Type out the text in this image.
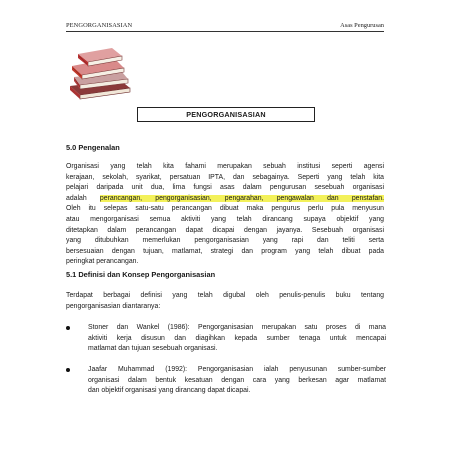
PENGORGANISASIAN	Asas Pengurusan
PENGORGANISASIAN
5.0 Pengenalan
Organisasi yang telah kita fahami merupakan sebuah institusi seperti agensi
kerajaan, sekolah, syarikat, persatuan IPTA, dan sebagainya. Seperti yang telah kita
pelajari daripada unit dua, lima fungsi asas dalam pengurusan sesebuah organisasi
adalah perancangan, pengorganisasian, pengarahan, pengawalan dan penstafan.
Oleh itu selepas satu-satu perancangan dibuat maka pengurus perlu pula menyusun
atau mengorganisasi semua aktiviti yang telah dirancang supaya objektif yang
ditetapkan dalam perancangan dapat dicapai dengan jayanya. Sesebuah organisasi
yang ditubuhkan memerlukan pengorganisasian yang rapi dan teliti serta
bersesuaian dengan tujuan, matlamat, strategi dan program yang telah dibuat pada
peringkat perancangan.
5.1 Definisi dan Konsep Pengorganisasian
Terdapat berbagai definisi yang telah digubal oleh penulis-penulis buku tentang
pengorganisasian diantaranya:
Stoner dan Wankel (1986): Pengorganisasian merupakan satu proses di mana
aktiviti kerja disusun dan diagihkan kepada sumber tenaga untuk mencapai
matlamat dan tujuan sesebuah organisasi.
Jaafar Muhammad (1992): Pengorganisasian ialah penyusunan sumber-sumber
organisasi dalam bentuk kesatuan dengan cara yang berkesan agar matlamat
dan objektif organisasi yang dirancang dapat dicapai.
